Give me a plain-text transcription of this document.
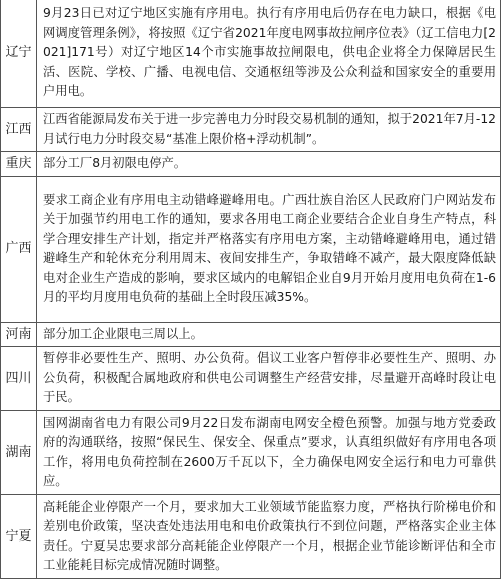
辽宁	9月23日已对辽宁地区实施有序用电。执行有序用电后仍存在电力缺口，根据《电网调度管理条例》，将按照《辽宁省2021年度电网事故拉闸序位表》（辽工信电力[2021]171号）对辽宁地区14个市实施事故拉闸限电，供电企业将全力保障居民生活、医院、学校、广播、电视电信、交通枢纽等涉及公众利益和国家安全的重要用户用电。
江西	江西省能源局发布关于进一步完善电力分时段交易机制的通知，拟于2021年7月-12月试行电力分时段交易“基准上限价格+浮动机制”。
重庆	部分工厂8月初限电停产。
广西	要求工商企业有序用电主动错峰避峰用电。广西壮族自治区人民政府门户网站发布关于加强节约用电工作的通知，要求各用电工商企业要结合企业自身生产特点，科学合理安排生产计划，指定并严格落实有序用电方案，主动错峰避峰用电，通过错避峰生产和轮休充分利用周末、夜间安排生产，争取错峰不减产，最大限度降低缺电对企业生产造成的影响，要求区域内的电解铝企业自9月开始月度用电负荷在1-6月的平均月度用电负荷的基础上全时段压减35%。
河南	部分加工企业限电三周以上。
四川	暂停非必要性生产、照明、办公负荷。倡议工业客户暂停非必要性生产、照明、办公负荷，积极配合属地政府和供电公司调整生产经营安排，尽量避开高峰时段让电于民。
湖南	国网湖南省电力有限公司9月22日发布湖南电网安全橙色预警。加强与地方党委政府的沟通联络，按照“保民生、保安全、保重点”要求，认真组织做好有序用电各项工作，将用电负荷控制在2600万千瓦以下，全力确保电网安全运行和电力可靠供应。
宁夏	高耗能企业停限产一个月，要求加大工业领域节能监察力度，严格执行阶梯电价和差别电价政策，坚决查处违法用电和电价政策执行不到位问题，严格落实企业主体责任。宁夏吴忠要求部分高耗能企业停限产一个月，根据企业节能诊断评估和全市工业能耗目标完成情况随时调整。
